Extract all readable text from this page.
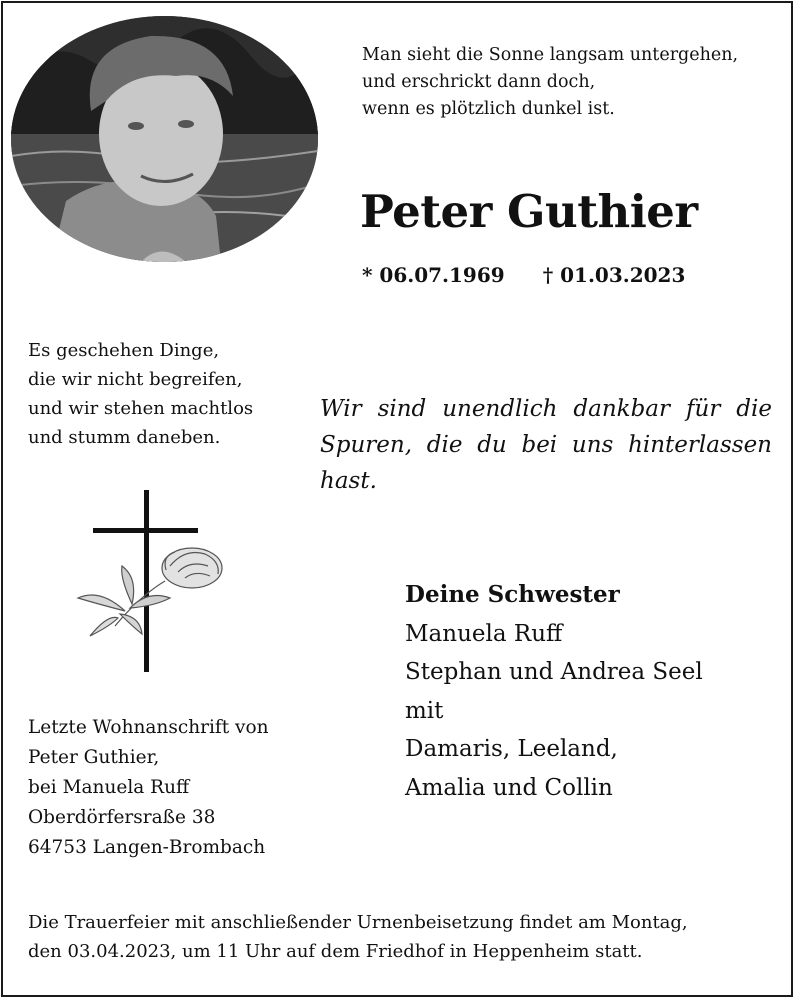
Man sieht die Sonne langsam untergehen,
und erschrickt dann doch,
wenn es plötzlich dunkel ist.
Peter Guthier
* 06.07.1969 † 01.03.2023
Es geschehen Dinge,
die wir nicht begreifen,
und wir stehen machtlos
und stumm daneben.
Wir sind unendlich dankbar für die Spuren, die du bei uns hinterlassen hast.
Deine Schwester
Manuela Ruff
Stephan und Andrea Seel
mit
Damaris, Leeland,
Amalia und Collin
Letzte Wohnanschrift von
Peter Guthier,
bei Manuela Ruff
Oberdörfersraße 38
64753 Langen-Brombach
Die Trauerfeier mit anschließender Urnenbeisetzung findet am Montag,
den 03.04.2023, um 11 Uhr auf dem Friedhof in Heppenheim statt.
